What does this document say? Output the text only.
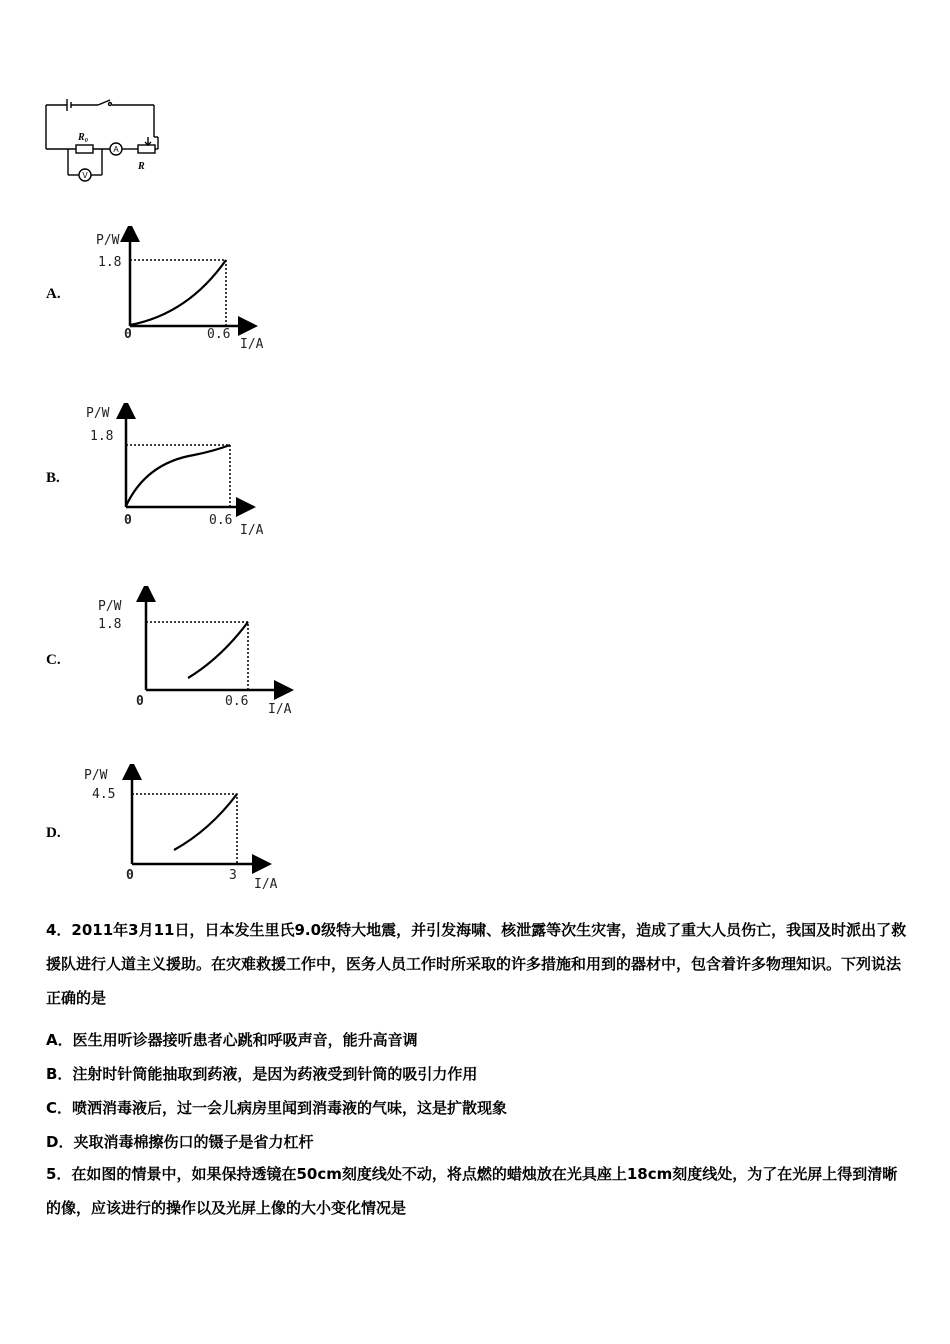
R₀
R
A
V
A.
P/W
1.8
0	0.6
I/A
B.
P/W
1.8
0	0.6
I/A
C.
P/W
1.8
0	0.6
I/A
D.
P/W
4.5
0	3
I/A
4．2011年3月11日，日本发生里氏9.0级特大地震，并引发海啸、核泄露等次生灾害，造成了重大人员伤亡，我国及时派出了救援队进行人道主义援助。在灾难救援工作中，医务人员工作时所采取的许多措施和用到的器材中，包含着许多物理知识。下列说法正确的是
A．医生用听诊器接听患者心跳和呼吸声音，能升高音调
B．注射时针筒能抽取到药液，是因为药液受到针筒的吸引力作用
C．喷洒消毒液后，过一会儿病房里闻到消毒液的气味，这是扩散现象
D．夹取消毒棉擦伤口的镊子是省力杠杆
5．在如图的情景中，如果保持透镜在50cm刻度线处不动，将点燃的蜡烛放在光具座上18cm刻度线处，为了在光屏上得到清晰的像，应该进行的操作以及光屏上像的大小变化情况是
